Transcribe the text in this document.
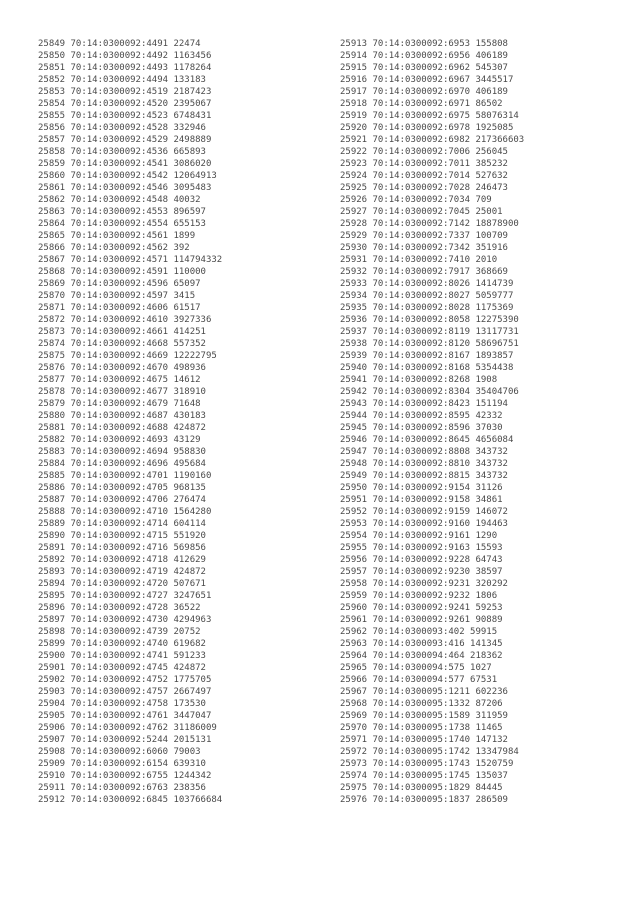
25849 70:14:0300092:4491 22474
25850 70:14:0300092:4492 1163456
25851 70:14:0300092:4493 1178264
25852 70:14:0300092:4494 133183
25853 70:14:0300092:4519 2187423
25854 70:14:0300092:4520 2395067
25855 70:14:0300092:4523 6748431
25856 70:14:0300092:4528 332946
25857 70:14:0300092:4529 2498889
25858 70:14:0300092:4536 665893
25859 70:14:0300092:4541 3086020
25860 70:14:0300092:4542 12064913
25861 70:14:0300092:4546 3095483
25862 70:14:0300092:4548 40032
25863 70:14:0300092:4553 896597
25864 70:14:0300092:4554 655153
25865 70:14:0300092:4561 1899
25866 70:14:0300092:4562 392
25867 70:14:0300092:4571 114794332
25868 70:14:0300092:4591 110000
25869 70:14:0300092:4596 65097
25870 70:14:0300092:4597 3415
25871 70:14:0300092:4606 61517
25872 70:14:0300092:4610 3927336
25873 70:14:0300092:4661 414251
25874 70:14:0300092:4668 557352
25875 70:14:0300092:4669 12222795
25876 70:14:0300092:4670 498936
25877 70:14:0300092:4675 14612
25878 70:14:0300092:4677 318910
25879 70:14:0300092:4679 71648
25880 70:14:0300092:4687 430183
25881 70:14:0300092:4688 424872
25882 70:14:0300092:4693 43129
25883 70:14:0300092:4694 958830
25884 70:14:0300092:4696 495684
25885 70:14:0300092:4701 1190160
25886 70:14:0300092:4705 968135
25887 70:14:0300092:4706 276474
25888 70:14:0300092:4710 1564280
25889 70:14:0300092:4714 604114
25890 70:14:0300092:4715 551920
25891 70:14:0300092:4716 569856
25892 70:14:0300092:4718 412629
25893 70:14:0300092:4719 424872
25894 70:14:0300092:4720 507671
25895 70:14:0300092:4727 3247651
25896 70:14:0300092:4728 36522
25897 70:14:0300092:4730 4294963
25898 70:14:0300092:4739 20752
25899 70:14:0300092:4740 619682
25900 70:14:0300092:4741 591233
25901 70:14:0300092:4745 424872
25902 70:14:0300092:4752 1775705
25903 70:14:0300092:4757 2667497
25904 70:14:0300092:4758 173530
25905 70:14:0300092:4761 3447047
25906 70:14:0300092:4762 31186009
25907 70:14:0300092:5244 2015131
25908 70:14:0300092:6060 79003
25909 70:14:0300092:6154 639310
25910 70:14:0300092:6755 1244342
25911 70:14:0300092:6763 238356
25912 70:14:0300092:6845 103766684
25913 70:14:0300092:6953 155808
25914 70:14:0300092:6956 406189
25915 70:14:0300092:6962 545307
25916 70:14:0300092:6967 3445517
25917 70:14:0300092:6970 406189
25918 70:14:0300092:6971 86502
25919 70:14:0300092:6975 58076314
25920 70:14:0300092:6978 1925085
25921 70:14:0300092:6982 217366603
25922 70:14:0300092:7006 256045
25923 70:14:0300092:7011 385232
25924 70:14:0300092:7014 527632
25925 70:14:0300092:7028 246473
25926 70:14:0300092:7034 709
25927 70:14:0300092:7045 25001
25928 70:14:0300092:7142 18878900
25929 70:14:0300092:7337 100709
25930 70:14:0300092:7342 351916
25931 70:14:0300092:7410 2010
25932 70:14:0300092:7917 368669
25933 70:14:0300092:8026 1414739
25934 70:14:0300092:8027 5059777
25935 70:14:0300092:8028 1175369
25936 70:14:0300092:8058 12275390
25937 70:14:0300092:8119 13117731
25938 70:14:0300092:8120 58696751
25939 70:14:0300092:8167 1893857
25940 70:14:0300092:8168 5354438
25941 70:14:0300092:8268 1908
25942 70:14:0300092:8304 35404706
25943 70:14:0300092:8423 151194
25944 70:14:0300092:8595 42332
25945 70:14:0300092:8596 37030
25946 70:14:0300092:8645 4656084
25947 70:14:0300092:8808 343732
25948 70:14:0300092:8810 343732
25949 70:14:0300092:8815 343732
25950 70:14:0300092:9154 31126
25951 70:14:0300092:9158 34861
25952 70:14:0300092:9159 146072
25953 70:14:0300092:9160 194463
25954 70:14:0300092:9161 1290
25955 70:14:0300092:9163 15593
25956 70:14:0300092:9228 64743
25957 70:14:0300092:9230 38597
25958 70:14:0300092:9231 320292
25959 70:14:0300092:9232 1806
25960 70:14:0300092:9241 59253
25961 70:14:0300092:9261 90889
25962 70:14:0300093:402 59915
25963 70:14:0300093:416 141345
25964 70:14:0300094:464 218362
25965 70:14:0300094:575 1027
25966 70:14:0300094:577 67531
25967 70:14:0300095:1211 602236
25968 70:14:0300095:1332 87206
25969 70:14:0300095:1589 311959
25970 70:14:0300095:1738 11465
25971 70:14:0300095:1740 147132
25972 70:14:0300095:1742 13347984
25973 70:14:0300095:1743 1520759
25974 70:14:0300095:1745 135037
25975 70:14:0300095:1829 84445
25976 70:14:0300095:1837 286509
